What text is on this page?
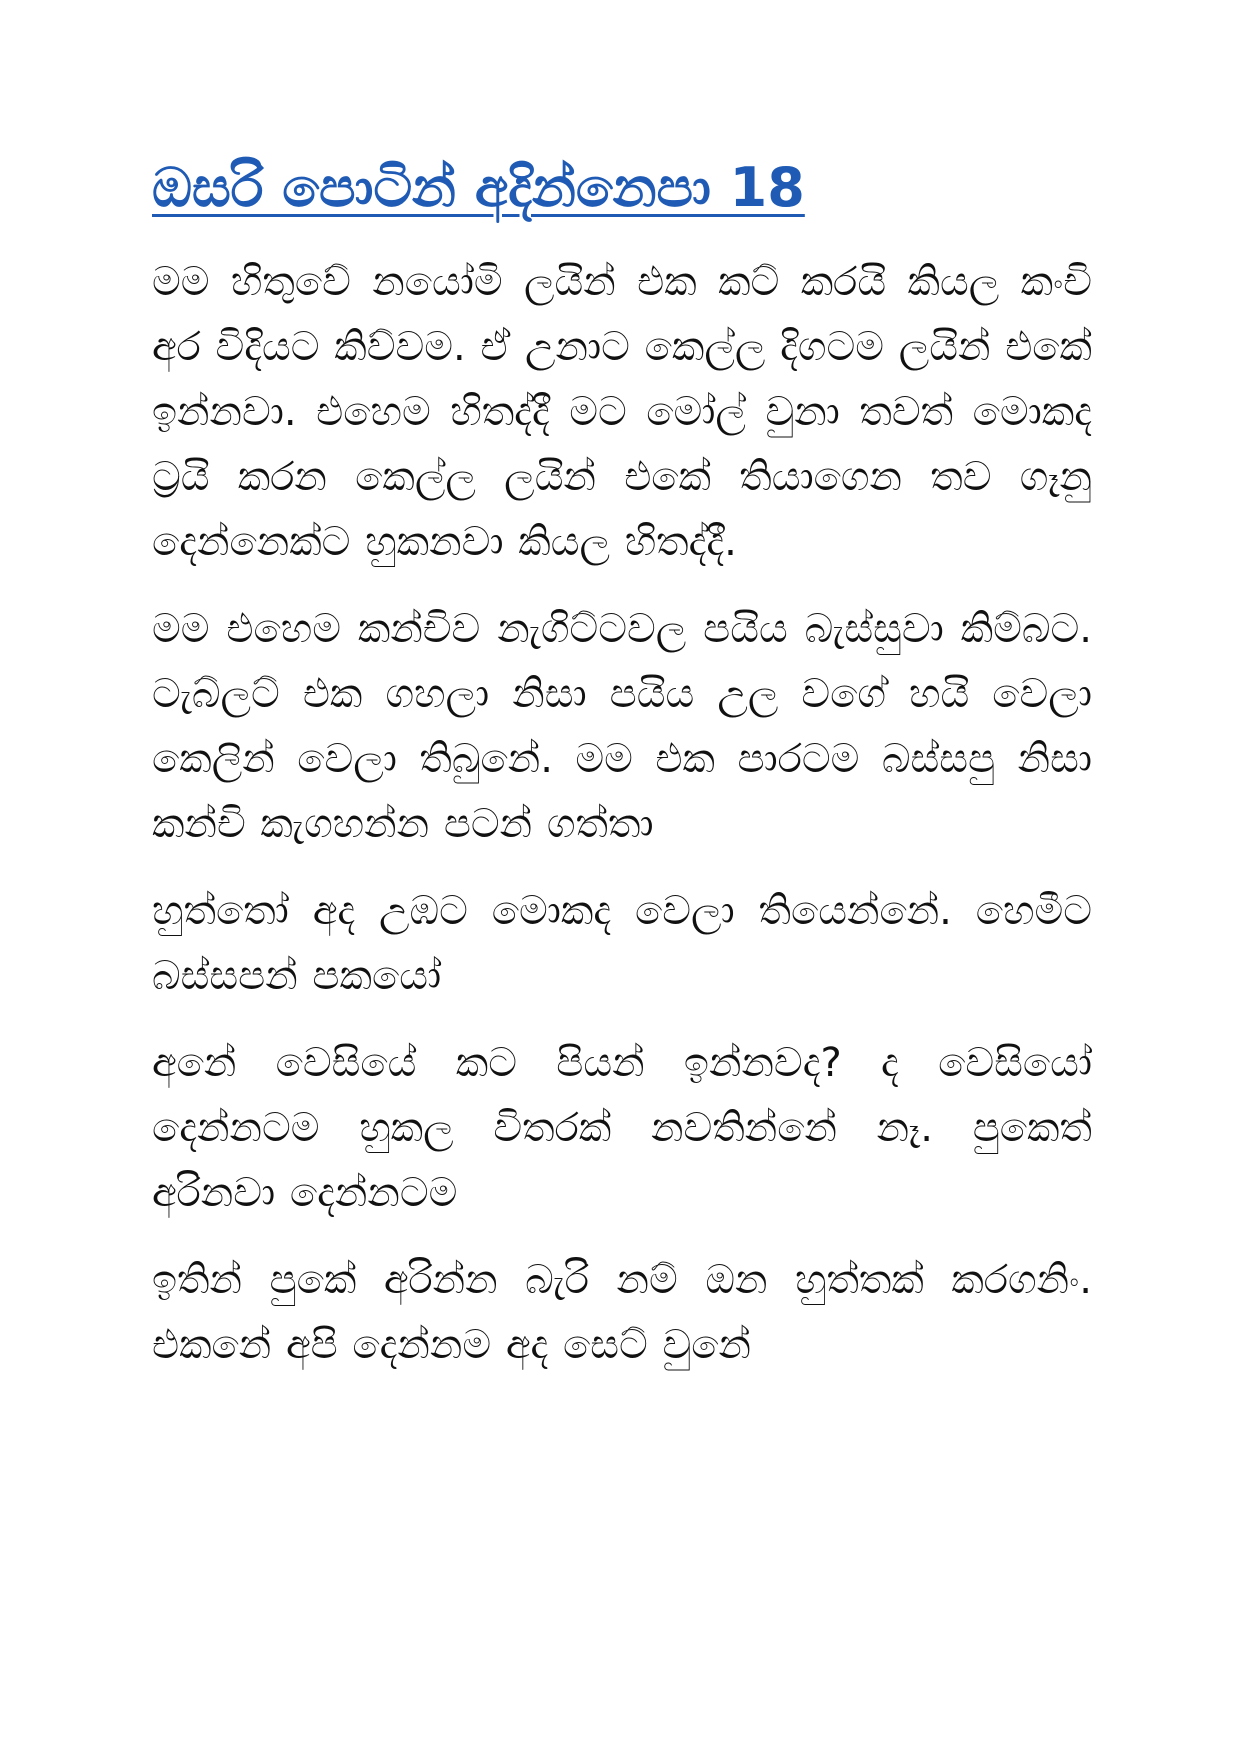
ඔසරි පොටින් අදින්නෙපා 18

මම හිතුවේ නයෝමි ලයින් එක කට් කරයි කියල කංචි අර විදියට කිව්වම. ඒ උනාට කෙල්ල දිගටම ලයින් එකේ ඉන්නවා. එහෙම හිතද්දී මට මෝල් වුනා තවත් මොකද ට්‍රයි කරන කෙල්ල ලයින් එකේ තියාගෙන තව ගෑනු දෙන්නෙක්ට හුකනවා කියල හිතද්දී.

මම එහෙම කන්චිව නැගිට්ටවල පයිය බැස්සුවා කිම්බට. ටැබ්ලට් එක ගහලා නිසා පයිය උල වගේ හයි වෙලා කෙලින් වෙලා තිබුනේ. මම එක පාරටම බස්සපු නිසා කන්චි කැගහන්න පටන් ගත්තා

හුත්තෝ අද උඹට මොකද වෙලා තියෙන්නේ. හෙමීට බස්සපන් පකයෝ

අනේ වෙසියේ කට පියන් ඉන්නවද? ද වෙසියෝ දෙන්නටම හුකල විතරක් නවතින්නේ නෑ. පුකෙත් අරිනවා දෙන්නටම

ඉතින් පුකේ අරින්න බැරි නම් ඔන හුත්තක් කරගනිං. එකනේ අපි දෙන්නම අද සෙට් වුනේ
